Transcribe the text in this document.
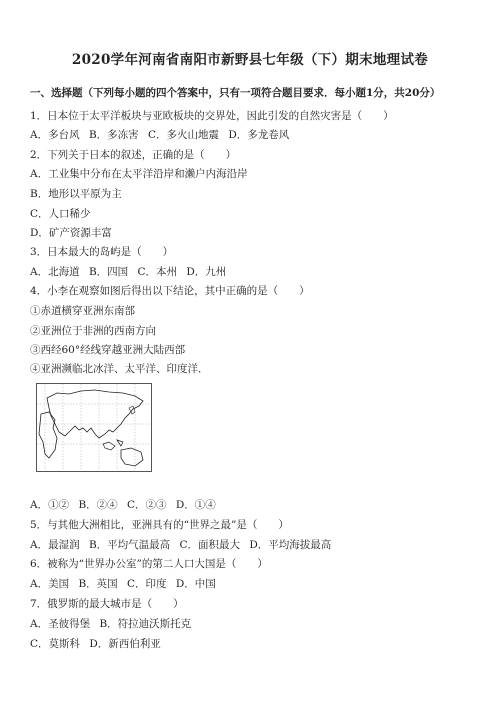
2020学年河南省南阳市新野县七年级（下）期末地理试卷
一、选择题（下列每小题的四个答案中，只有一项符合题目要求．每小题1分，共20分）
1．日本位于太平洋板块与亚欧板块的交界处，因此引发的自然灾害是（　　）
A．多台风 B．多冻害 C．多火山地震 D．多龙卷风
2．下列关于日本的叙述，正确的是（　　）
A．工业集中分布在太平洋沿岸和濑户内海沿岸
B．地形以平原为主
C．人口稀少
D．矿产资源丰富
3．日本最大的岛屿是（　　）
A．北海道 B．四国 C．本州 D．九州
4．小李在观察如图后得出以下结论，其中正确的是（　　）
①赤道横穿亚洲东南部
②亚洲位于非洲的西南方向
③西经60°经线穿越亚洲大陆西部
④亚洲濒临北冰洋、太平洋、印度洋．
A．①② B．②④ C．②③ D．①④
5．与其他大洲相比，亚洲具有的“世界之最”是（　　）
A．最湿润 B．平均气温最高 C．面积最大 D．平均海拔最高
6．被称为“世界办公室”的第二人口大国是（　　）
A．美国 B．英国 C．印度 D．中国
7．俄罗斯的最大城市是（　　）
A．圣彼得堡 B．符拉迪沃斯托克
C．莫斯科 D．新西伯利亚
